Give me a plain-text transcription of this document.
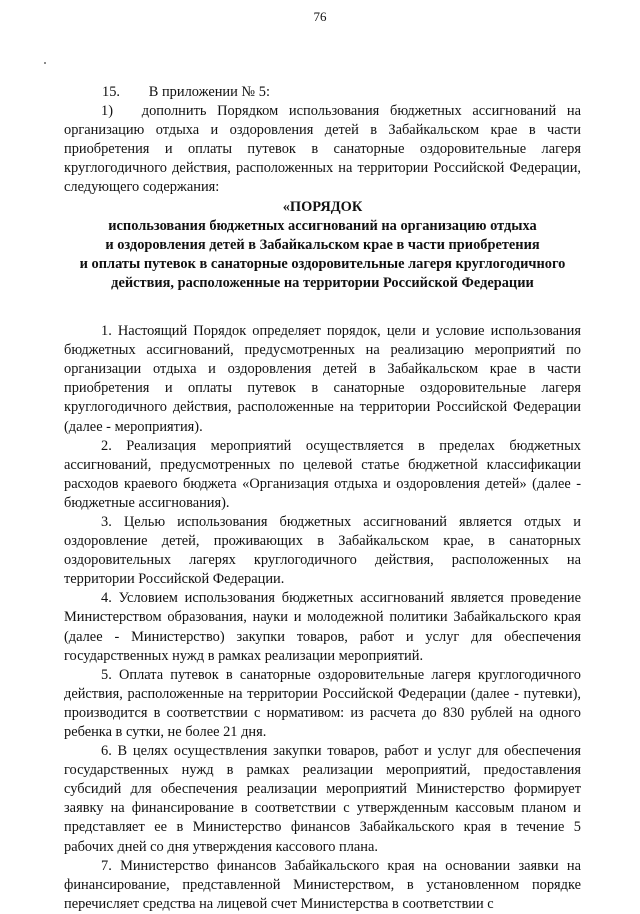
76

15.  В приложении № 5:

1)  дополнить Порядком использования бюджетных ассигнований на организацию отдыха и оздоровления детей в Забайкальском крае в части приобретения и оплаты путевок в санаторные оздоровительные лагеря круглогодичного действия, расположенных на территории Российской Федерации, следующего содержания:

«ПОРЯДОК
использования бюджетных ассигнований на организацию отдыха
и оздоровления детей в Забайкальском крае в части приобретения
и оплаты путевок в санаторные оздоровительные лагеря круглогодичного
действия, расположенные на территории Российской Федерации

1. Настоящий Порядок определяет порядок, цели и условие использования бюджетных ассигнований, предусмотренных на реализацию мероприятий по организации отдыха и оздоровления детей в Забайкальском крае в части приобретения и оплаты путевок в санаторные оздоровительные лагеря круглогодичного действия, расположенные на территории Российской Федерации (далее - мероприятия).

2. Реализация мероприятий осуществляется в пределах бюджетных ассигнований, предусмотренных по целевой статье бюджетной классификации расходов краевого бюджета «Организация отдыха и оздоровления детей» (далее - бюджетные ассигнования).

3. Целью использования бюджетных ассигнований является отдых и оздоровление детей, проживающих в Забайкальском крае, в санаторных оздоровительных лагерях круглогодичного действия, расположенных на территории Российской Федерации.

4. Условием использования бюджетных ассигнований является проведение Министерством образования, науки и молодежной политики Забайкальского края (далее - Министерство) закупки товаров, работ и услуг для обеспечения государственных нужд в рамках реализации мероприятий.

5. Оплата путевок в санаторные оздоровительные лагеря круглогодичного действия, расположенные на территории Российской Федерации (далее - путевки), производится в соответствии с нормативом: из расчета до 830 рублей на одного ребенка в сутки, не более 21 дня.

6. В целях осуществления закупки товаров, работ и услуг для обеспечения государственных нужд в рамках реализации мероприятий, предоставления субсидий для обеспечения реализации мероприятий Министерство формирует заявку на финансирование в соответствии с утвержденным кассовым планом и представляет ее в Министерство финансов Забайкальского края в течение 5 рабочих дней со дня утверждения кассового плана.

7. Министерство финансов Забайкальского края на основании заявки на финансирование, представленной Министерством, в установленном порядке перечисляет средства на лицевой счет Министерства в соответствии с
